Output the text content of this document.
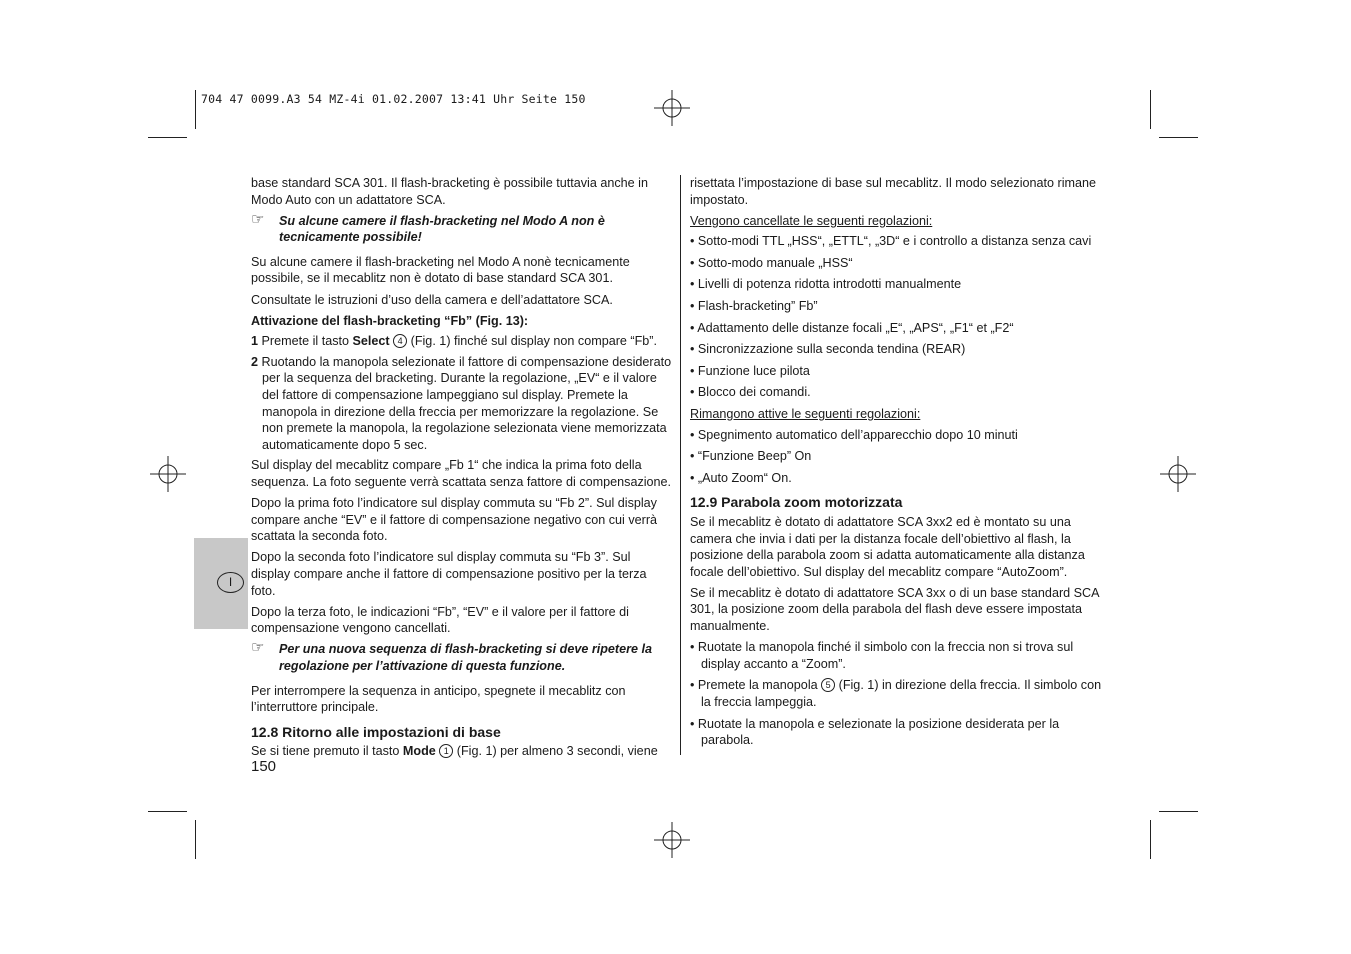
704 47 0099.A3 54 MZ-4i 01.02.2007 13:41 Uhr Seite 150
I

base standard SCA 301. Il flash-bracketing è possibile tuttavia anche in Modo Auto con un adattatore SCA.

☞ Su alcune camere il flash-bracketing nel Modo A non è tecnicamente possibile!

Su alcune camere il flash-bracketing nel Modo A nonè tecnicamente possibile, se il mecablitz non è dotato di base standard SCA 301.

Consultate le istruzioni d’uso della camera e dell’adattatore SCA.

Attivazione del flash-bracketing “Fb” (Fig. 13):

1 Premete il tasto Select 4 (Fig. 1) finché sul display non compare “Fb”.

2 Ruotando la manopola selezionate il fattore di compensazione desiderato per la sequenza del bracketing. Durante la regolazione, „EV“ e il valore del fattore di compensazione lampeggiano sul display. Premete la manopola in direzione della freccia per memorizzare la regolazione. Se non premete la manopola, la regolazione selezionata viene memorizzata automaticamente dopo 5 sec.

Sul display del mecablitz compare „Fb 1“ che indica la prima foto della sequenza. La foto seguente verrà scattata senza fattore di compensazione.

Dopo la prima foto l’indicatore sul display commuta su “Fb 2”. Sul display compare anche “EV” e il fattore di compensazione negativo con cui verrà scattata la seconda foto.

Dopo la seconda foto l’indicatore sul display commuta su “Fb 3”. Sul display compare anche il fattore di compensazione positivo per la terza foto.

Dopo la terza foto, le indicazioni “Fb”, “EV” e il valore per il fattore di compensazione vengono cancellati.

☞ Per una nuova sequenza di flash-bracketing si deve ripetere la regolazione per l’attivazione di questa funzione.

Per interrompere la sequenza in anticipo, spegnete il mecablitz con l’interruttore principale.

12.8 Ritorno alle impostazioni di base

Se si tiene premuto il tasto Mode 1 (Fig. 1) per almeno 3 secondi, viene

150

risettata l’impostazione di base sul mecablitz. Il modo selezionato rimane impostato.

Vengono cancellate le seguenti regolazioni:

• Sotto-modi TTL „HSS“, „ETTL“, „3D“ e i controllo a distanza senza cavi

• Sotto-modo manuale „HSS“

• Livelli di potenza ridotta introdotti manualmente

• Flash-bracketing” Fb”

• Adattamento delle distanze focali „E“, „APS“, „F1“ et „F2“

• Sincronizzazione sulla seconda tendina (REAR)

• Funzione luce pilota

• Blocco dei comandi.

Rimangono attive le seguenti regolazioni:

• Spegnimento automatico dell’apparecchio dopo 10 minuti

• “Funzione Beep” On

• „Auto Zoom“ On.

12.9 Parabola zoom motorizzata

Se il mecablitz è dotato di adattatore SCA 3xx2 ed è montato su una camera che invia i dati per la distanza focale dell’obiettivo al flash, la posizione della parabola zoom si adatta automaticamente alla distanza focale dell’obiettivo. Sul display del mecablitz compare “AutoZoom”.

Se il mecablitz è dotato di adattatore SCA 3xx o di un base standard SCA 301, la posizione zoom della parabola del flash deve essere impostata manualmente.

• Ruotate la manopola finché il simbolo con la freccia non si trova sul display accanto a “Zoom”.

• Premete la manopola 5 (Fig. 1) in direzione della freccia. Il simbolo con la freccia lampeggia.

• Ruotate la manopola e selezionate la posizione desiderata per la parabola.
